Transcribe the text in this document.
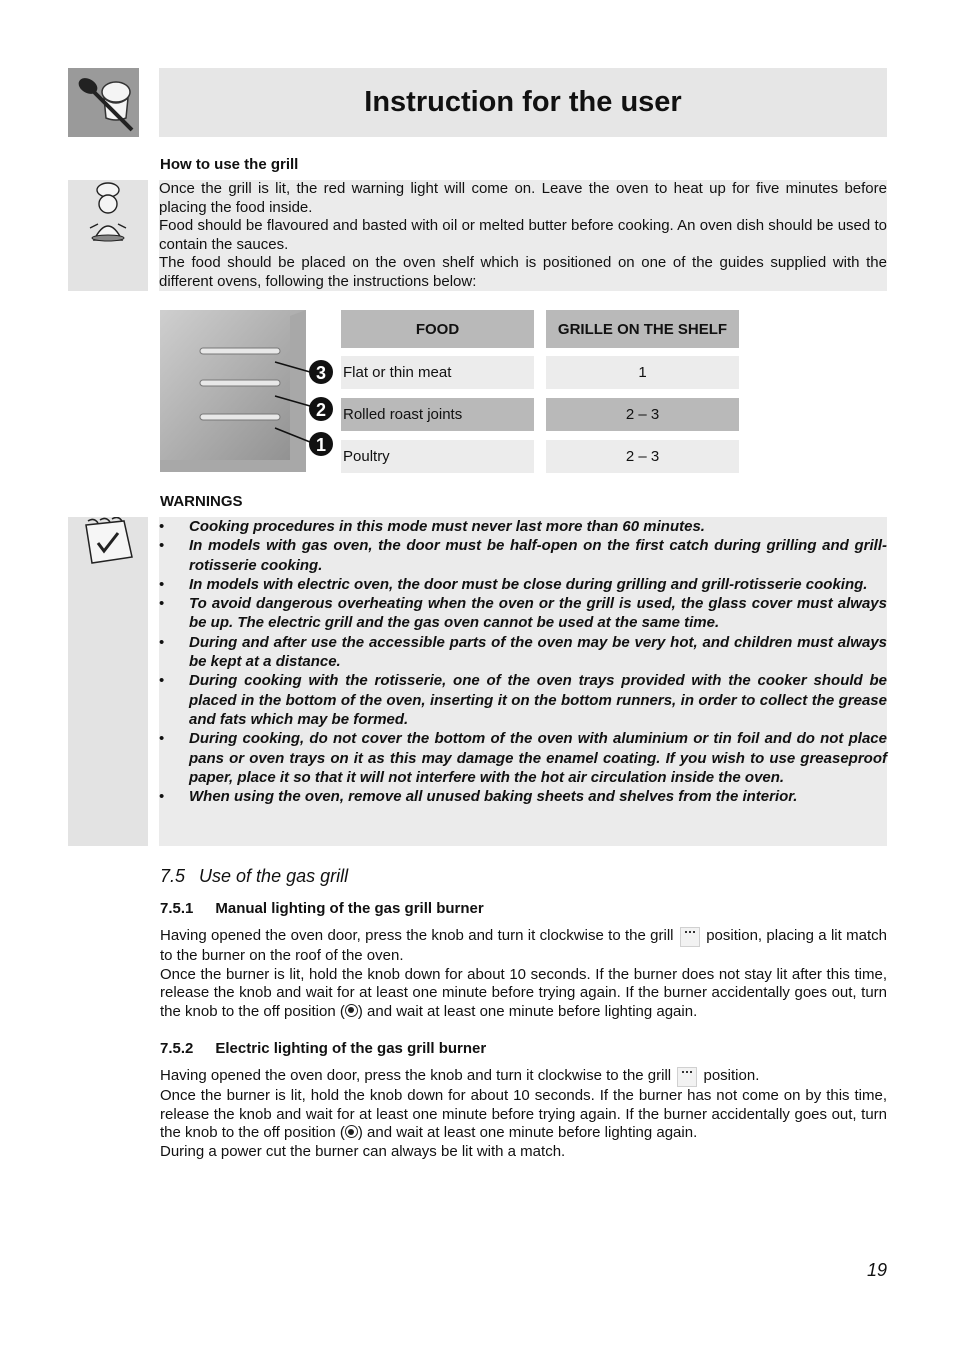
Instruction for the user
How to use the grill

Once the grill is lit, the red warning light will come on. Leave the oven to heat up for five minutes before placing the food inside.

Food should be flavoured and basted with oil or melted butter before cooking. An oven dish should be used to contain the sauces.

The food should be placed on the oven shelf which is positioned on one of the guides supplied with the different ovens, following the instructions below:

3
2
1
FOOD	GRILLE ON THE SHELF
Flat or thin meat	1
Rolled roast joints	2 – 3
Poultry	2 – 3
WARNINGS
• Cooking procedures in this mode must never last more than 60 minutes.
• In models with gas oven, the door must be half-open on the first catch during grilling and grill-rotisserie cooking.
• In models with electric oven, the door must be close during grilling and grill-rotisserie cooking.
• To avoid dangerous overheating when the oven or the grill is used, the glass cover must always be up. The electric grill and the gas oven cannot be used at the same time.
• During and after use the accessible parts of the oven may be very hot, and children must always be kept at a distance.
• During cooking with the rotisserie, one of the oven trays provided with the cooker should be placed in the bottom of the oven, inserting it on the bottom runners, in order to collect the grease and fats which may be formed.
• During cooking, do not cover the bottom of the oven with aluminium or tin foil and do not place pans or oven trays on it as this may damage the enamel coating. If you wish to use greaseproof paper, place it so that it will not interfere with the hot air circulation inside the oven.
• When using the oven, remove all unused baking sheets and shelves from the interior.
7.5 Use of the gas grill
7.5.1 Manual lighting of the gas grill burner

Having opened the oven door, press the knob and turn it clockwise to the grill position, placing a lit match to the burner on the roof of the oven.

Once the burner is lit, hold the knob down for about 10 seconds. If the burner does not stay lit after this time, release the knob and wait for at least one minute before trying again. If the burner accidentally goes out, turn the knob to the off position ( ) and wait at least one minute before lighting again.

7.5.2 Electric lighting of the gas grill burner

Having opened the oven door, press the knob and turn it clockwise to the grill position.

Once the burner is lit, hold the knob down for about 10 seconds. If the burner has not come on by this time, release the knob and wait for at least one minute before trying again. If the burner accidentally goes out, turn the knob to the off position ( ) and wait at least one minute before lighting again.

During a power cut the burner can always be lit with a match.

19
